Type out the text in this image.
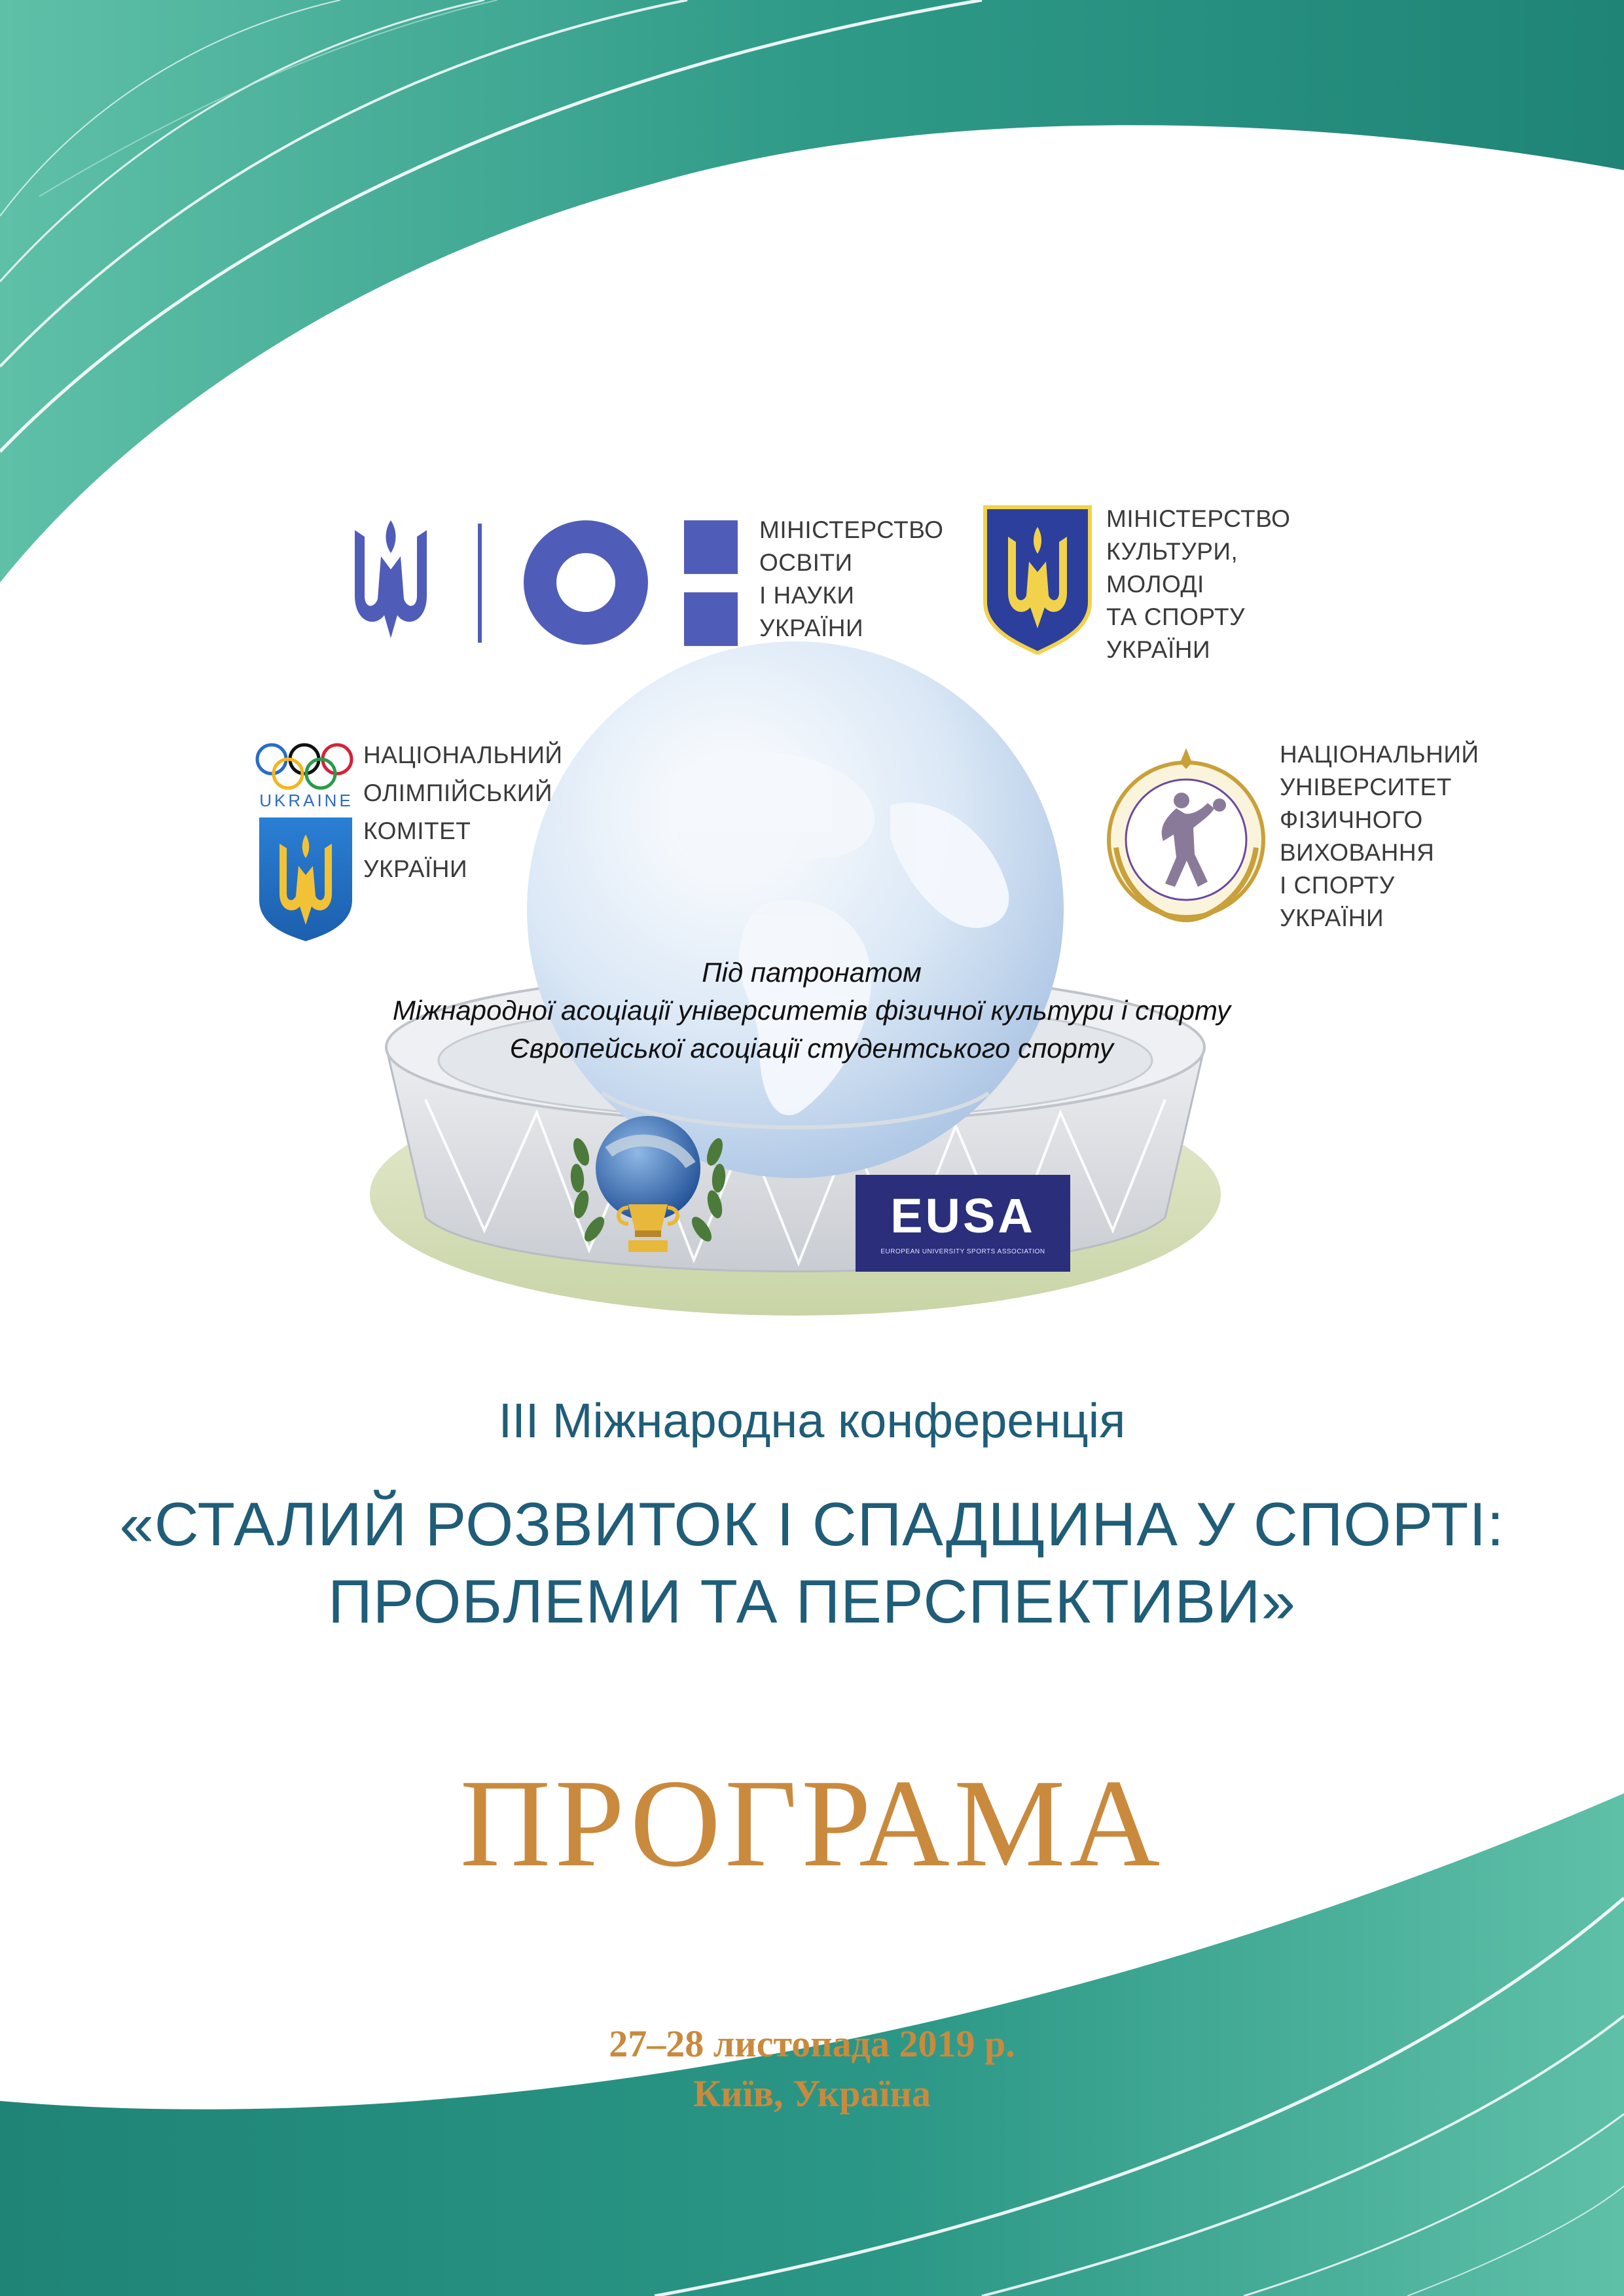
МІНІСТЕРСТВО
ОСВІТИ
І НАУКИ
УКРАЇНИ
МІНІСТЕРСТВО
КУЛЬТУРИ,
МОЛОДІ
ТА СПОРТУ
УКРАЇНИ
UKRAINE
НАЦІОНАЛЬНИЙ
ОЛІМПІЙСЬКИЙ
КОМІТЕТ
УКРАЇНИ
НАЦІОНАЛЬНИЙ
УНІВЕРСИТЕТ
ФІЗИЧНОГО
ВИХОВАННЯ
І СПОРТУ
УКРАЇНИ
Під патронатом
Міжнародної асоціації університетів фізичної культури і спорту
Європейської асоціації студентського спорту
EUSA
EUROPEAN UNIVERSITY SPORTS ASSOCIATION
ІІІ Міжнародна конференція
«СТАЛИЙ РОЗВИТОК І СПАДЩИНА У СПОРТІ:
ПРОБЛЕМИ ТА ПЕРСПЕКТИВИ»
ПРОГРАМА
27–28 листопада 2019 р.
Київ, Україна
